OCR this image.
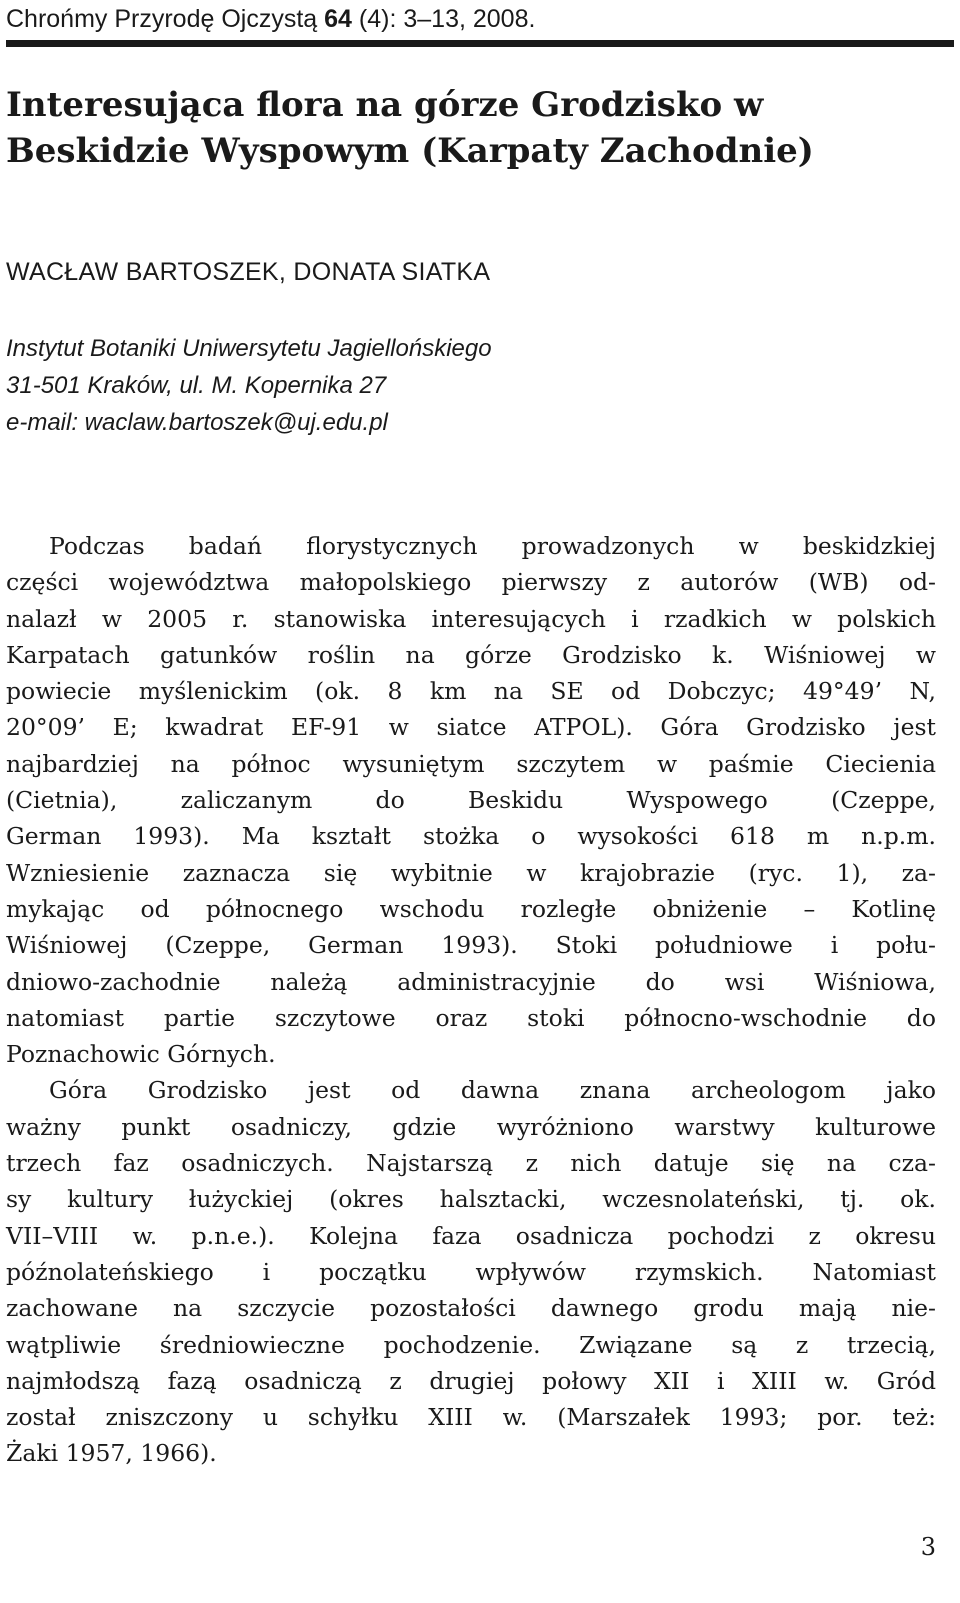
Chrońmy Przyrodę Ojczystą 64 (4): 3–13, 2008.
Interesująca flora na górze Grodzisko w Beskidzie Wyspowym (Karpaty Zachodnie)
WACŁAW BARTOSZEK, DONATA SIATKA
Instytut Botaniki Uniwersytetu Jagiellońskiego
31-501 Kraków, ul. M. Kopernika 27
e-mail: waclaw.bartoszek@uj.edu.pl

Podczas badań florystycznych prowadzonych w beskidzkiej
części województwa małopolskiego pierwszy z autorów (WB) od-
nalazł w 2005 r. stanowiska interesujących i rzadkich w polskich
Karpatach gatunków roślin na górze Grodzisko k. Wiśniowej w
powiecie myślenickim (ok. 8 km na SE od Dobczyc; 49°49’ N,
20°09’ E; kwadrat EF-91 w siatce ATPOL). Góra Grodzisko jest
najbardziej na północ wysuniętym szczytem w paśmie Ciecienia
(Cietnia), zaliczanym do Beskidu Wyspowego (Czeppe,
German 1993). Ma kształt stożka o wysokości 618 m n.p.m.
Wzniesienie zaznacza się wybitnie w krajobrazie (ryc. 1), za-
mykając od północnego wschodu rozległe obniżenie – Kotlinę
Wiśniowej (Czeppe, German 1993). Stoki południowe i połu-
dniowo-zachodnie należą administracyjnie do wsi Wiśniowa,
natomiast partie szczytowe oraz stoki północno-wschodnie do
Poznachowic Górnych.

Góra Grodzisko jest od dawna znana archeologom jako
ważny punkt osadniczy, gdzie wyróżniono warstwy kulturowe
trzech faz osadniczych. Najstarszą z nich datuje się na cza-
sy kultury łużyckiej (okres halsztacki, wczesnolateński, tj. ok.
VII–VIII w. p.n.e.). Kolejna faza osadnicza pochodzi z okresu
późnolateńskiego i początku wpływów rzymskich. Natomiast
zachowane na szczycie pozostałości dawnego grodu mają nie-
wątpliwie średniowieczne pochodzenie. Związane są z trzecią,
najmłodszą fazą osadniczą z drugiej połowy XII i XIII w. Gród
został zniszczony u schyłku XIII w. (Marszałek 1993; por. też:
Żaki 1957, 1966).

3
